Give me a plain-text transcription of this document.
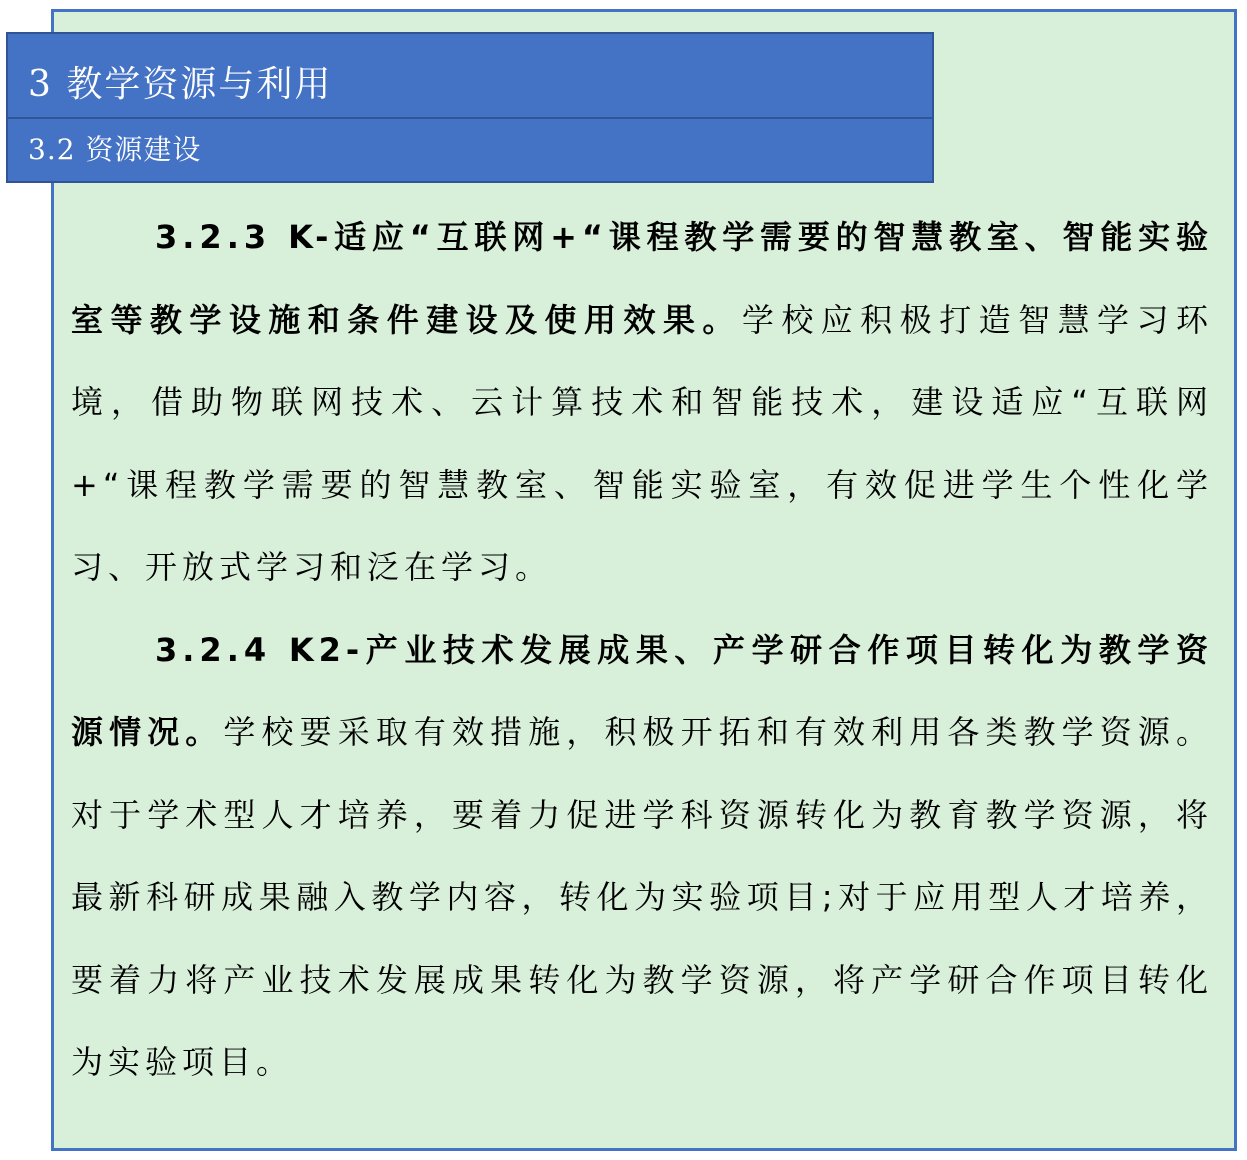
3 教学资源与利用
3.2 资源建设

3.2.3 K-适应“互联网+“课程教学需要的智慧教室、智能实验室等教学设施和条件建设及使用效果。学校应积极打造智慧学习环境，借助物联网技术、云计算技术和智能技术，建设适应“互联网+“课程教学需要的智慧教室、智能实验室，有效促进学生个性化学习、开放式学习和泛在学习。

3.2.4 K2-产业技术发展成果、产学研合作项目转化为教学资源情况。学校要采取有效措施，积极开拓和有效利用各类教学资源。对于学术型人才培养，要着力促进学科资源转化为教育教学资源，将最新科研成果融入教学内容，转化为实验项目;对于应用型人才培养，要着力将产业技术发展成果转化为教学资源，将产学研合作项目转化为实验项目。
